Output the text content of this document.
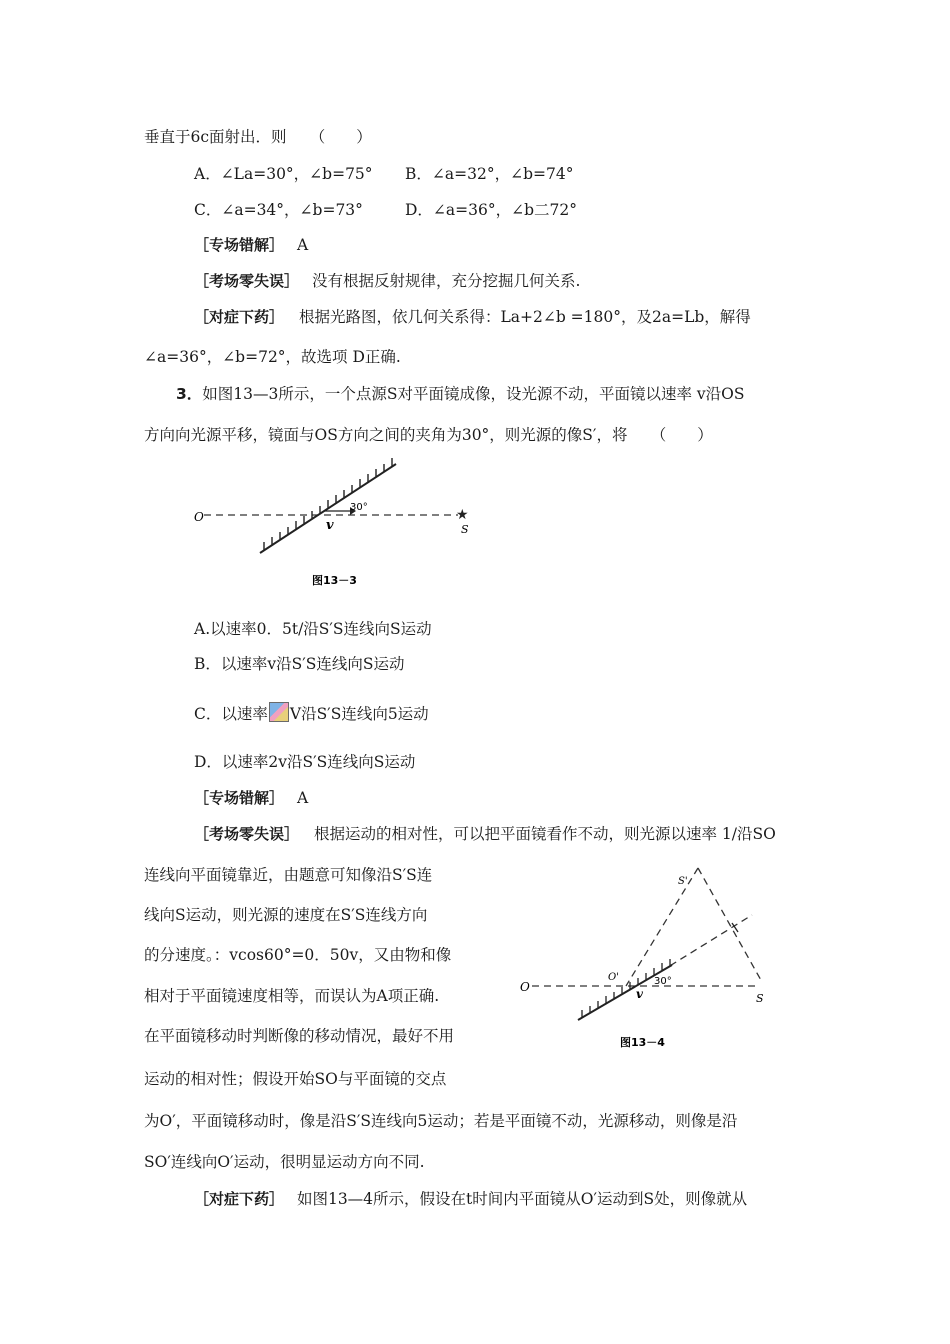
垂直于6c面射出．则　　（　　）
A．∠La=30°，∠b=75° B．∠a=32°，∠b=74°
C．∠a=34°，∠b=73°	D．∠a=36°，∠b二72°
［专场错解］ A
［考场零失误］ 没有根据反射规律，充分挖掘几何关系.
［对症下药］ 根据光路图，依几何关系得：La+2∠b =180°，及2a=Lb，解得
∠a=36°，∠b=72°，故选项 D正确.
3．如图13—3所示，一个点源S对平面镜成像，设光源不动，平面镜以速率 v沿OS
方向向光源平移，镜面与OS方向之间的夹角为30°，则光源的像S′，将　　（　　）
O
v
30°	★
S
图13－3
A.以速率0．5t/沿S′S连线向S运动
B．以速率v沿S′S连线向S运动
C．以速率 V沿S′S连线向5运动
D．以速率2v沿S′S连线向S运动
［专场错解］ A
［考场零失误］ 根据运动的相对性，可以把平面镜看作不动，则光源以速率 1/沿SO
连线向平面镜靠近，由题意可知像沿S′S连
线向S运动，则光源的速度在S′S连线方向
的分速度。：vcos60°=0．50v，又由物和像
相对于平面镜速度相等，而误认为A项正确.
在平面镜移动时判断像的移动情况，最好不用
运动的相对性；假设开始SO与平面镜的交点
为O′，平面镜移动时，像是沿S′S连线向5运动；若是平面镜不动，光源移动，则像是沿
SO′连线向O′运动，很明显运动方向不同.
O
O'	30°
v
S'
S
图13－4
［对症下药］ 如图13—4所示，假设在t时间内平面镜从O′运动到S处，则像就从
